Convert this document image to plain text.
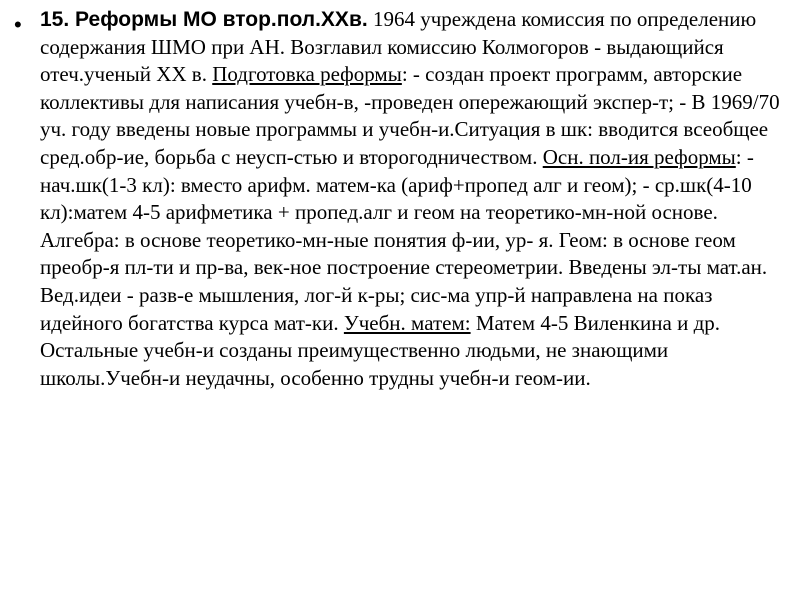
• 15. Реформы МО втор.пол.XXв. 1964 учреждена комиссия по определению содержания ШМО при АН. Возглавил комиссию Колмогоров - выдающийся отеч.ученый XX в. Подготовка реформы: - создан проект программ, авторские коллективы для написания учебн-в, -проведен опережающий экспер-т; - В 1969/70 уч. году введены новые программы и учебн-и.Ситуация в шк: вводится всеобщее сред.обр-ие, борьба с неусп-стью и второгодничеством. Осн. пол-ия реформы: - нач.шк(1-3 кл): вместо арифм. матем-ка (ариф+пропед алг и геом); - ср.шк(4-10 кл):матем 4-5 арифметика + пропед.алг и геом на теоретико-мн-ной основе. Алгебра: в основе теоретико-мн-ные понятия ф-ии, ур- я. Геом: в основе геом преобр-я пл-ти и пр-ва, век-ное построение стереометрии. Введены эл-ты мат.ан. Вед.идеи - разв-е мышления, лог-й к-ры; сис-ма упр-й направлена на показ идейного богатства курса мат-ки. Учебн. матем: Матем 4-5 Виленкина и др. Остальные учебн-и созданы преимущественно людьми, не знающими школы.Учебн-и неудачны, особенно трудны учебн-и геом-ии.
